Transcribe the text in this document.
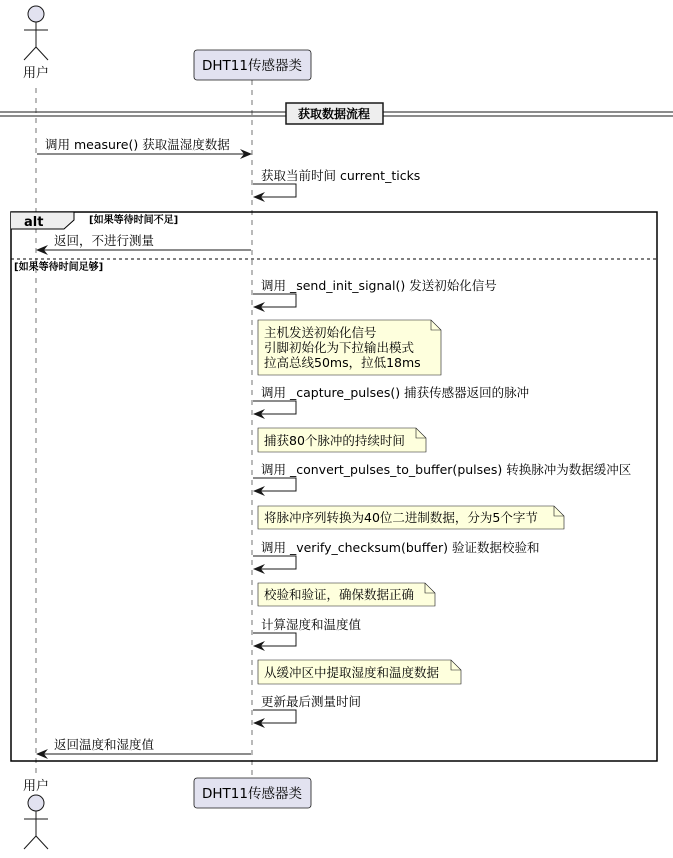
用户	DHT11传感器类
获取数据流程
调用 measure() 获取温湿度数据
获取当前时间 current_ticks
alt	[如果等待时间不足]
[如果等待时间足够]
返回，不进行测量
调用 _send_init_signal() 发送初始化信号
主机发送初始化信号
引脚初始化为下拉输出模式
拉高总线50ms，拉低18ms
调用 _capture_pulses() 捕获传感器返回的脉冲
捕获80个脉冲的持续时间
调用 _convert_pulses_to_buffer(pulses) 转换脉冲为数据缓冲区
将脉冲序列转换为40位二进制数据，分为5个字节
调用 _verify_checksum(buffer) 验证数据校验和
校验和验证，确保数据正确
计算湿度和温度值
从缓冲区中提取湿度和温度数据
更新最后测量时间
返回温度和湿度值
用户	DHT11传感器类
